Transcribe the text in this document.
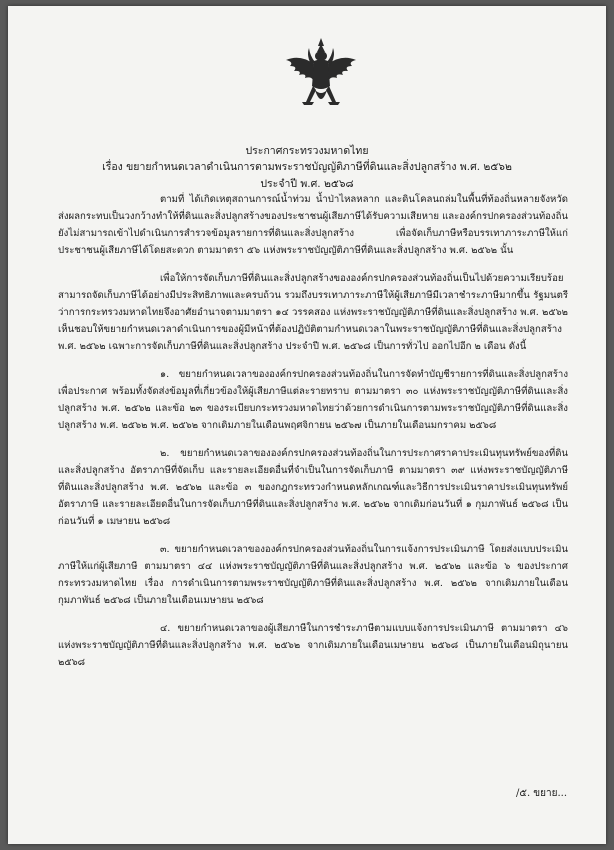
ประกาศกระทรวงมหาดไทย
เรื่อง ขยายกำหนดเวลาดำเนินการตามพระราชบัญญัติภาษีที่ดินและสิ่งปลูกสร้าง พ.ศ. ๒๕๖๒
ประจำปี พ.ศ. ๒๕๖๘

ตามที่ ได้เกิดเหตุสถานการณ์น้ำท่วม น้ำป่าไหลหลาก และดินโคลนถล่มในพื้นที่ท้องถิ่นหลายจังหวัด ส่งผลกระทบเป็นวงกว้างทำให้ที่ดินและสิ่งปลูกสร้างของประชาชนผู้เสียภาษีได้รับความเสียหาย และองค์กรปกครองส่วนท้องถิ่นยังไม่สามารถเข้าไปดำเนินการสำรวจข้อมูลรายการที่ดินและสิ่งปลูกสร้าง เพื่อจัดเก็บภาษีหรือบรรเทาภาระภาษีให้แก่ประชาชนผู้เสียภาษีได้โดยสะดวก ตามมาตรา ๕๖ แห่งพระราชบัญญัติภาษีที่ดินและสิ่งปลูกสร้าง พ.ศ. ๒๕๖๒ นั้น

เพื่อให้การจัดเก็บภาษีที่ดินและสิ่งปลูกสร้างขององค์กรปกครองส่วนท้องถิ่นเป็นไปด้วยความเรียบร้อย สามารถจัดเก็บภาษีได้อย่างมีประสิทธิภาพและครบถ้วน รวมถึงบรรเทาภาระภาษีให้ผู้เสียภาษีมีเวลาชำระภาษีมากขึ้น รัฐมนตรีว่าการกระทรวงมหาดไทยจึงอาศัยอำนาจตามมาตรา ๑๔ วรรคสอง แห่งพระราชบัญญัติภาษีที่ดินและสิ่งปลูกสร้าง พ.ศ. ๒๕๖๒ เห็นชอบให้ขยายกำหนดเวลาดำเนินการของผู้มีหน้าที่ต้องปฏิบัติตามกำหนดเวลาในพระราชบัญญัติภาษีที่ดินและสิ่งปลูกสร้าง พ.ศ. ๒๕๖๒ เฉพาะการจัดเก็บภาษีที่ดินและสิ่งปลูกสร้าง ประจำปี พ.ศ. ๒๕๖๘ เป็นการทั่วไป ออกไปอีก ๒ เดือน ดังนี้

๑. ขยายกำหนดเวลาขององค์กรปกครองส่วนท้องถิ่นในการจัดทำบัญชีรายการที่ดินและสิ่งปลูกสร้างเพื่อประกาศ พร้อมทั้งจัดส่งข้อมูลที่เกี่ยวข้องให้ผู้เสียภาษีแต่ละรายทราบ ตามมาตรา ๓๐ แห่งพระราชบัญญัติภาษีที่ดินและสิ่งปลูกสร้าง พ.ศ. ๒๕๖๒ และข้อ ๒๓ ของระเบียบกระทรวงมหาดไทยว่าด้วยการดำเนินการตามพระราชบัญญัติภาษีที่ดินและสิ่งปลูกสร้าง พ.ศ. ๒๕๖๒ พ.ศ. ๒๕๖๒ จากเดิมภายในเดือนพฤศจิกายน ๒๕๖๗ เป็นภายในเดือนมกราคม ๒๕๖๘

๒. ขยายกำหนดเวลาขององค์กรปกครองส่วนท้องถิ่นในการประกาศราคาประเมินทุนทรัพย์ของที่ดินและสิ่งปลูกสร้าง อัตราภาษีที่จัดเก็บ และรายละเอียดอื่นที่จำเป็นในการจัดเก็บภาษี ตามมาตรา ๓๙ แห่งพระราชบัญญัติภาษีที่ดินและสิ่งปลูกสร้าง พ.ศ. ๒๕๖๒ และข้อ ๓ ของกฎกระทรวงกำหนดหลักเกณฑ์และวิธีการประเมินราคาประเมินทุนทรัพย์ อัตราภาษี และรายละเอียดอื่นในการจัดเก็บภาษีที่ดินและสิ่งปลูกสร้าง พ.ศ. ๒๕๖๒ จากเดิมก่อนวันที่ ๑ กุมภาพันธ์ ๒๕๖๘ เป็นก่อนวันที่ ๑ เมษายน ๒๕๖๘

๓. ขยายกำหนดเวลาขององค์กรปกครองส่วนท้องถิ่นในการแจ้งการประเมินภาษี โดยส่งแบบประเมินภาษีให้แก่ผู้เสียภาษี ตามมาตรา ๔๔ แห่งพระราชบัญญัติภาษีที่ดินและสิ่งปลูกสร้าง พ.ศ. ๒๕๖๒ และข้อ ๖ ของประกาศกระทรวงมหาดไทย เรื่อง การดำเนินการตามพระราชบัญญัติภาษีที่ดินและสิ่งปลูกสร้าง พ.ศ. ๒๕๖๒ จากเดิมภายในเดือนกุมภาพันธ์ ๒๕๖๘ เป็นภายในเดือนเมษายน ๒๕๖๘

๔. ขยายกำหนดเวลาของผู้เสียภาษีในการชำระภาษีตามแบบแจ้งการประเมินภาษี ตามมาตรา ๔๖ แห่งพระราชบัญญัติภาษีที่ดินและสิ่งปลูกสร้าง พ.ศ. ๒๕๖๒ จากเดิมภายในเดือนเมษายน ๒๕๖๘ เป็นภายในเดือนมิถุนายน ๒๕๖๘

/๕. ขยาย...
